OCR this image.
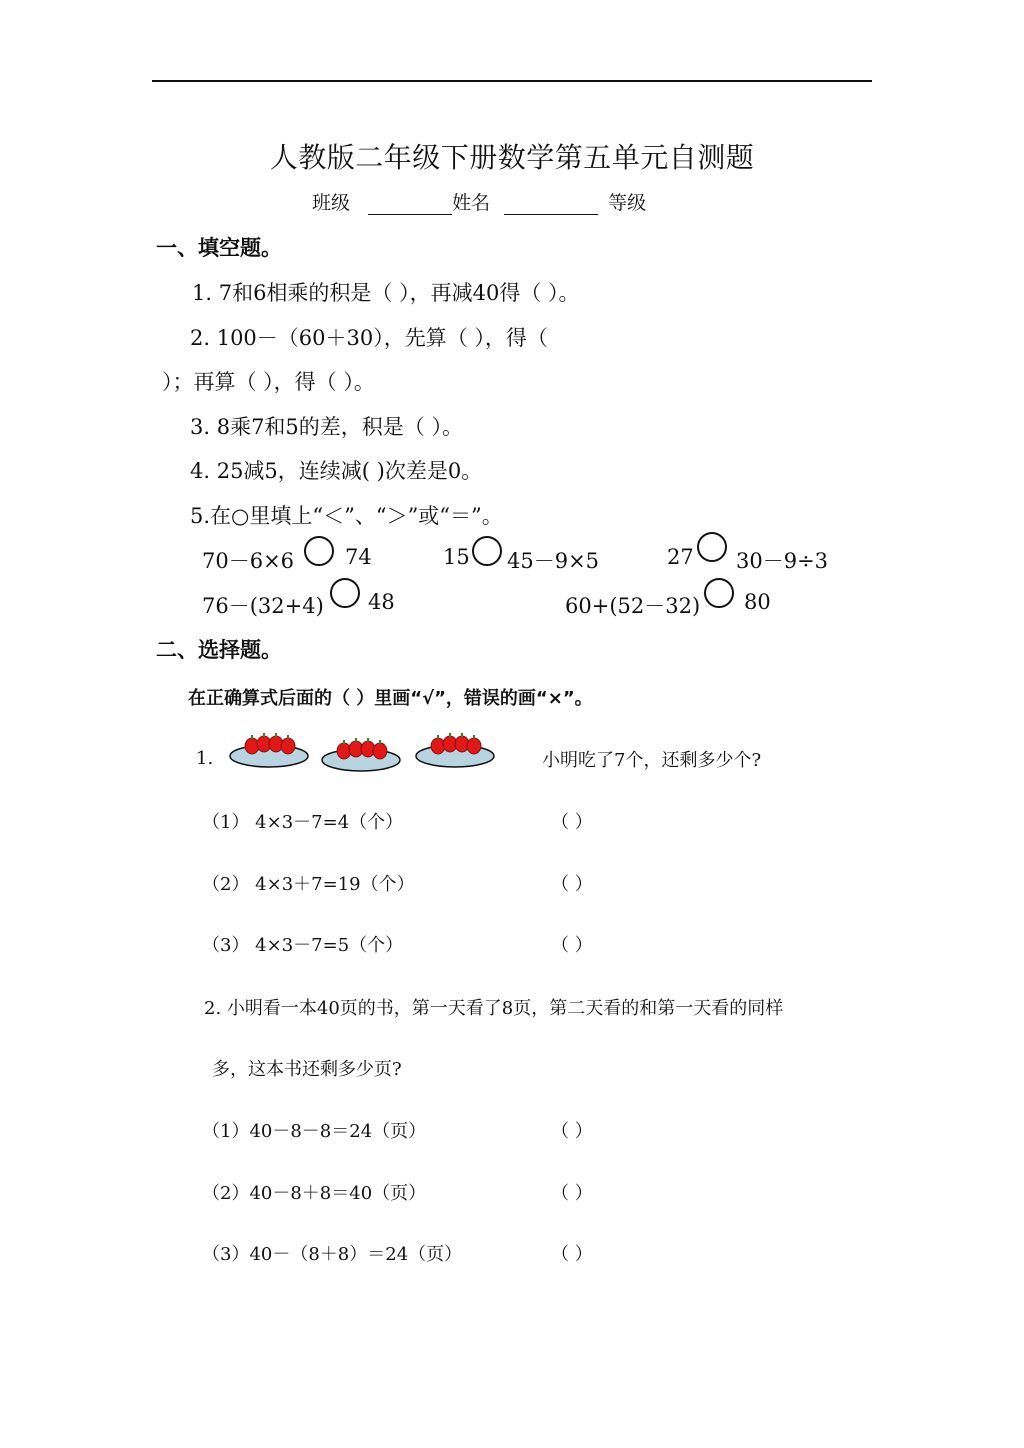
人教版二年级下册数学第五单元自测题
班级	姓名	等级
一、填空题。
1. 7和6相乘的积是（ ），再减40得（ ）。
2. 100－（60＋30），先算（ ），得（
）；再算（ ），得（ ）。
3. 8乘7和5的差，积是（ ）。
4. 25减5，连续减( )次差是0。
5.在○里填上“＜”、“＞”或“＝”。
70－6×6 74	15 45－9×5	27 30－9÷3
76－(32+4) 48	60+(52－32) 80
二、选择题。
在正确算式后面的（ ）里画“√”，错误的画“×”。
1.	小明吃了7个，还剩多少个?
（1） 4×3－7=4（个）	（ ）
（2） 4×3＋7=19（个）	（ ）
（3） 4×3－7=5（个）	（ ）
2. 小明看一本40页的书，第一天看了8页，第二天看的和第一天看的同样
多，这本书还剩多少页?
（1）40－8－8＝24（页）	（ ）
（2）40－8＋8＝40（页）	（ ）
（3）40－（8＋8）＝24（页）	（ ）
